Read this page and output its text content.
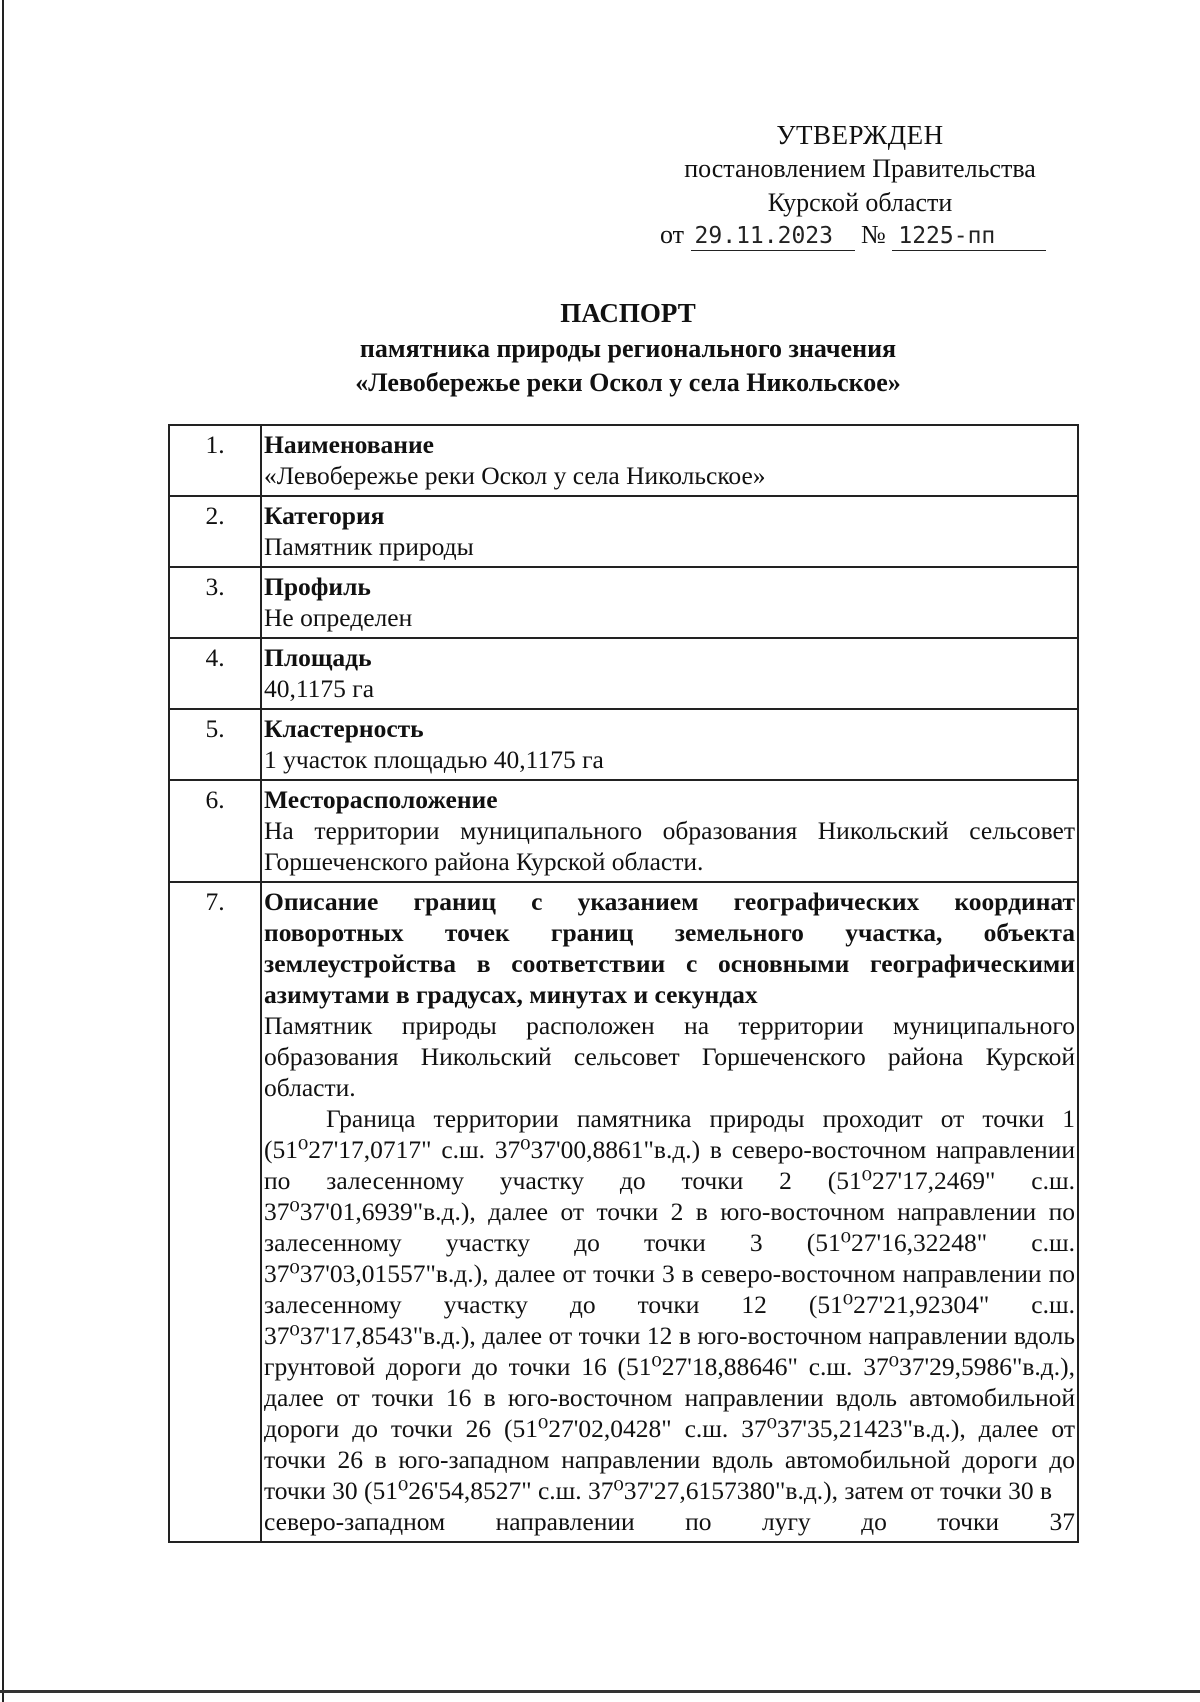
УТВЕРЖДЕН
постановлением Правительства
Курской области
от 29.11.2023 № 1225-пп
ПАСПОРТ
памятника природы регионального значения
«Левобережье реки Оскол у села Никольское»
1.	Наименование
«Левобережье реки Оскол у села Никольское»

2.	Категория
Памятник природы

3.	Профиль
Не определен

4.	Площадь
40,1175 га

5.	Кластерность
1 участок площадью 40,1175 га

6.	Месторасположение
На территории муниципального образования Никольский сельсовет Горшеченского района Курской области.

7.	Описание границ с указанием географических координат поворотных точек границ земельного участка, объекта землеустройства в соответствии с основными географическими азимутами в градусах, минутах и секундах
Памятник природы расположен на территории муниципального образования Никольский сельсовет Горшеченского района Курской области.
Граница территории памятника природы проходит от точки 1 (51⁰27'17,0717" с.ш. 37⁰37'00,8861"в.д.) в северо-восточном направлении по залесенному участку до точки 2 (51⁰27'17,2469" с.ш. 37⁰37'01,6939"в.д.), далее от точки 2 в юго-восточном направлении по залесенному участку до точки 3 (51⁰27'16,32248" с.ш. 37⁰37'03,01557"в.д.), далее от точки 3 в северо-восточном направлении по залесенному участку до точки 12 (51⁰27'21,92304" с.ш. 37⁰37'17,8543"в.д.), далее от точки 12 в юго-восточном направлении вдоль грунтовой дороги до точки 16 (51⁰27'18,88646" с.ш. 37⁰37'29,5986"в.д.), далее от точки 16 в юго-восточном направлении вдоль автомобильной дороги до точки 26 (51⁰27'02,0428" с.ш. 37⁰37'35,21423"в.д.), далее от точки 26 в юго-западном направлении вдоль автомобильной дороги до точки 30 (51⁰26'54,8527" с.ш. 37⁰37'27,6157380"в.д.), затем от точки 30 в
северо-западном направлении по лугу до точки 37
